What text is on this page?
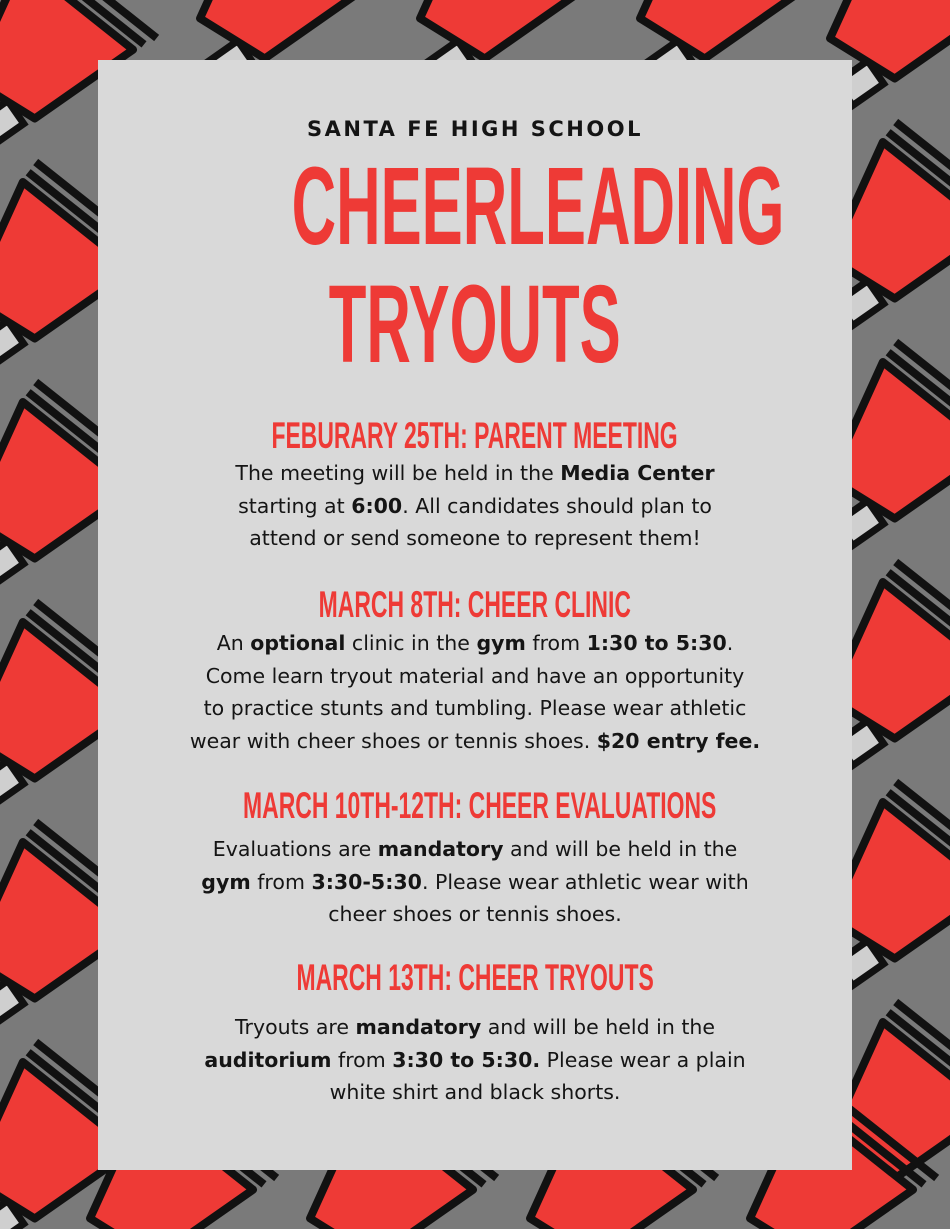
SANTA FE HIGH SCHOOL
CHEERLEADING
TRYOUTS
FEBURARY 25TH: PARENT MEETING
The meeting will be held in the Media Center
starting at 6:00. All candidates should plan to
attend or send someone to represent them!
MARCH 8TH: CHEER CLINIC
An optional clinic in the gym from 1:30 to 5:30.
Come learn tryout material and have an opportunity
to practice stunts and tumbling. Please wear athletic
wear with cheer shoes or tennis shoes. $20 entry fee.
MARCH 10TH-12TH: CHEER EVALUATIONS
Evaluations are mandatory and will be held in the
gym from 3:30-5:30. Please wear athletic wear with
cheer shoes or tennis shoes.
MARCH 13TH: CHEER TRYOUTS
Tryouts are mandatory and will be held in the
auditorium from 3:30 to 5:30. Please wear a plain
white shirt and black shorts.
